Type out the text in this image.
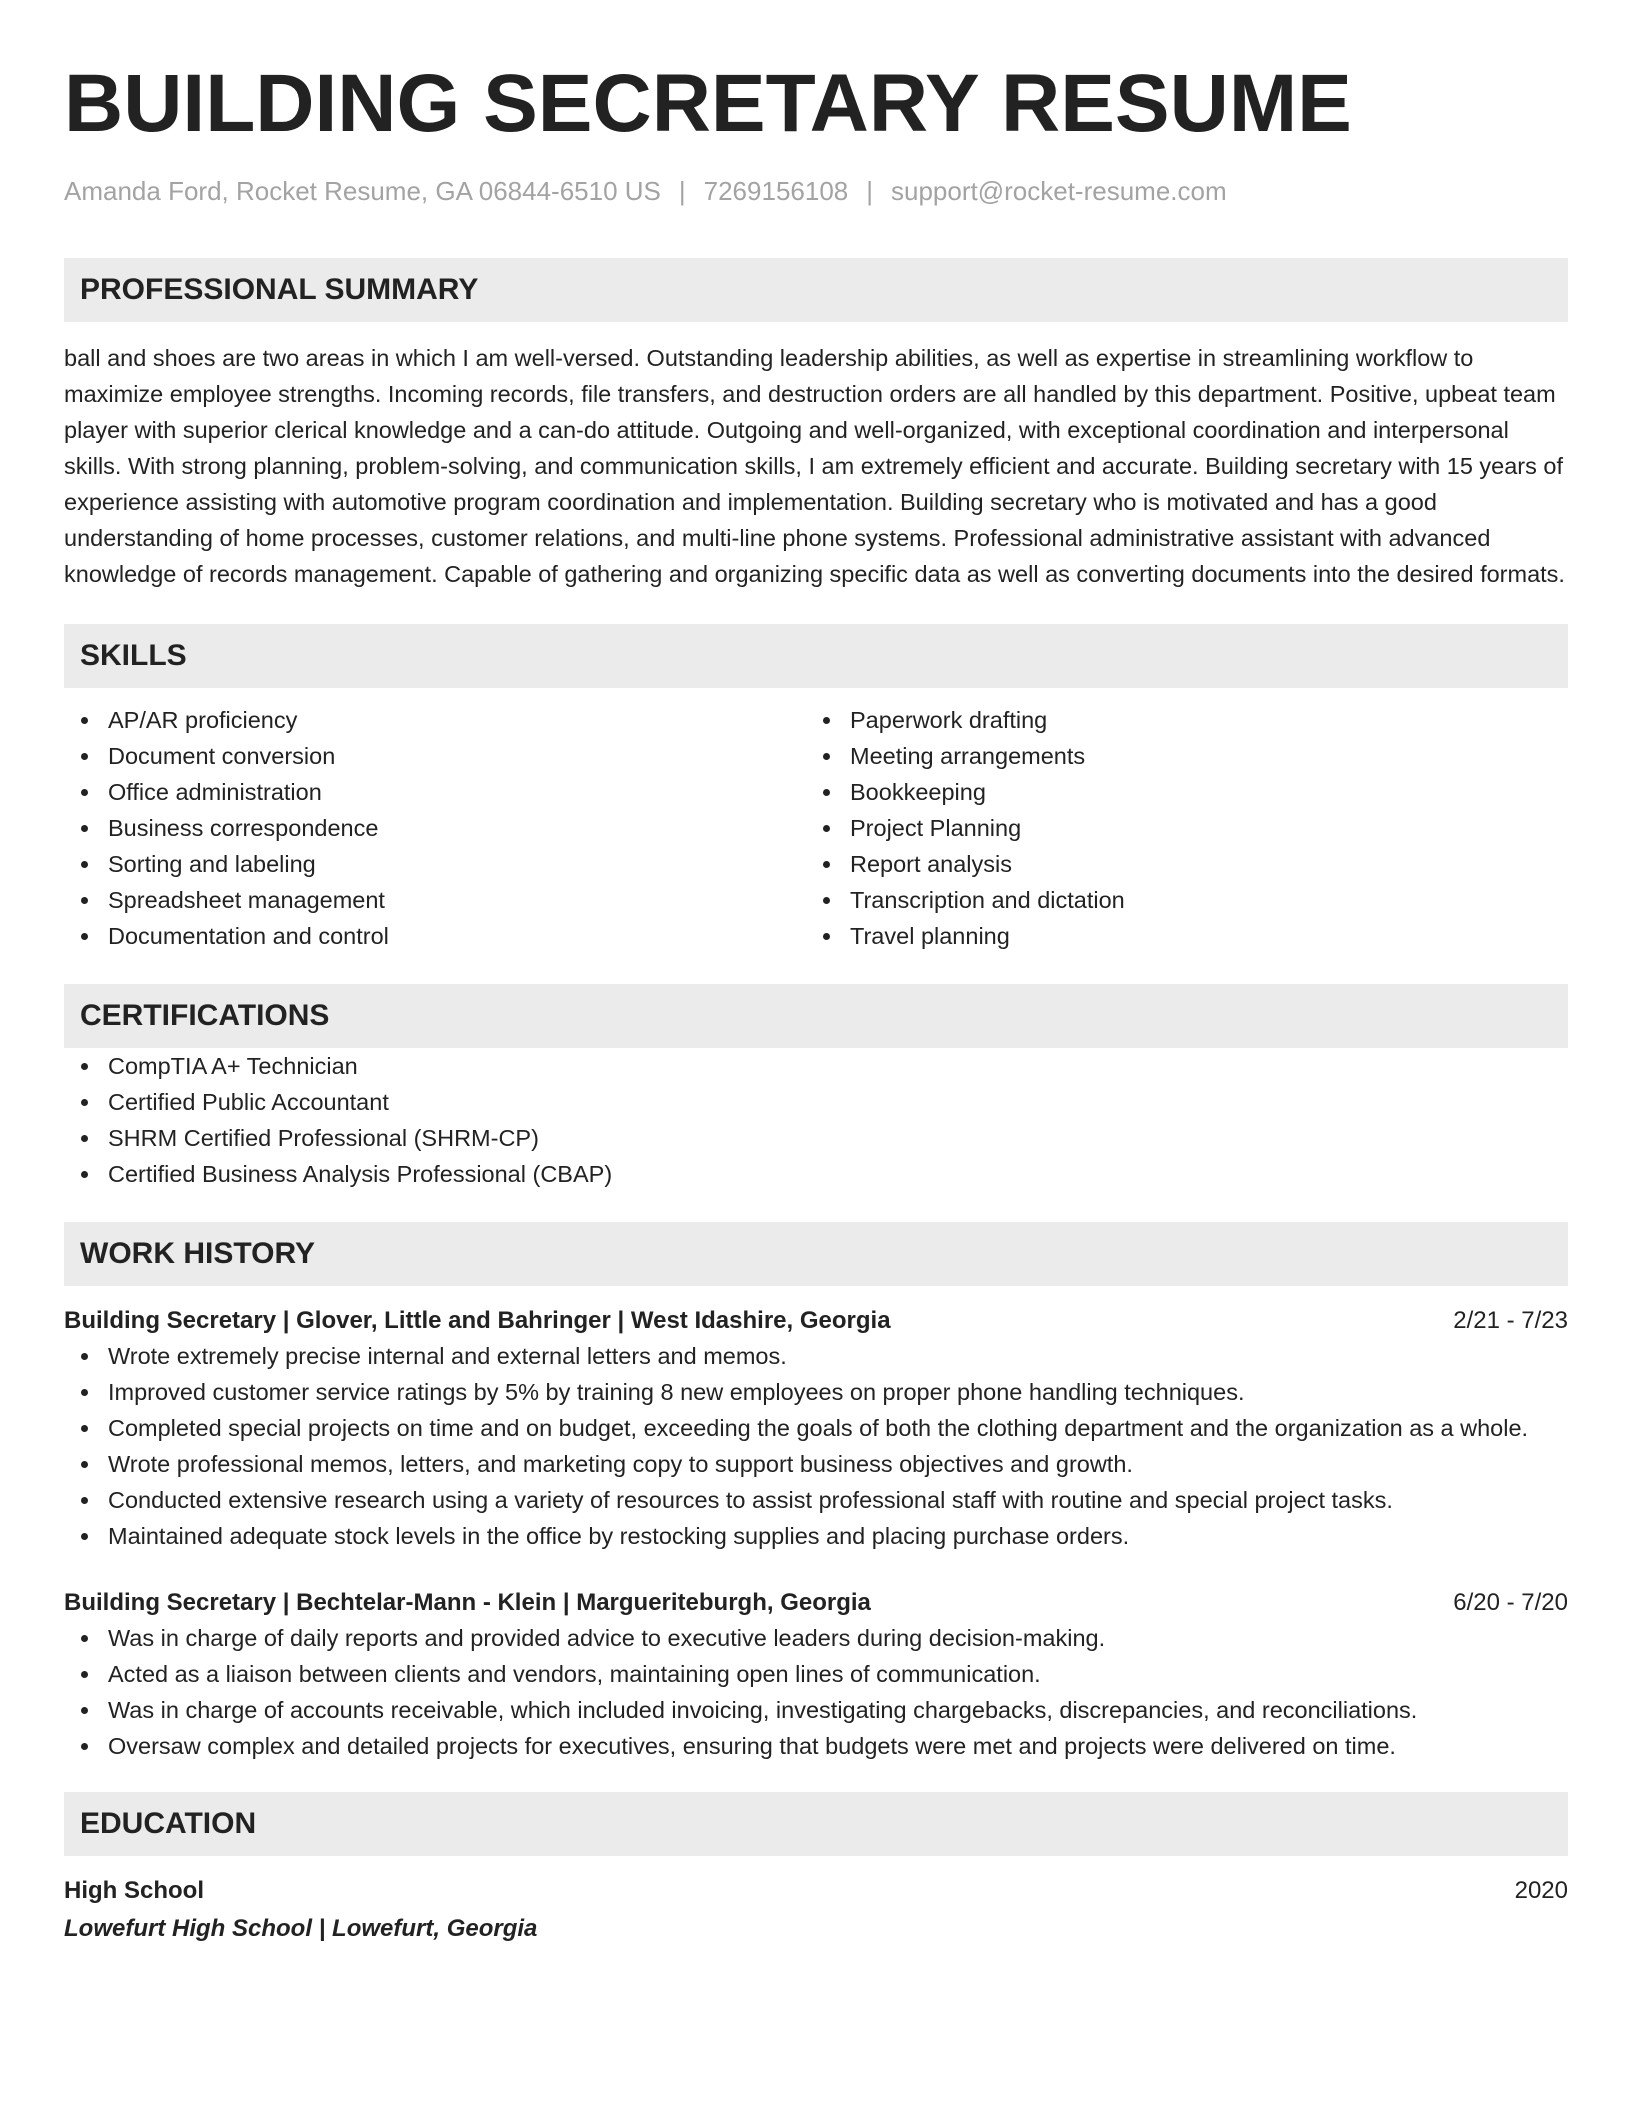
BUILDING SECRETARY RESUME
Amanda Ford, Rocket Resume, GA 06844-6510 US | 7269156108 | support@rocket-resume.com
PROFESSIONAL SUMMARY

ball and shoes are two areas in which I am well-versed. Outstanding leadership abilities, as well as expertise in streamlining workflow to maximize employee strengths. Incoming records, file transfers, and destruction orders are all handled by this department. Positive, upbeat team player with superior clerical knowledge and a can-do attitude. Outgoing and well-organized, with exceptional coordination and interpersonal skills. With strong planning, problem-solving, and communication skills, I am extremely efficient and accurate. Building secretary with 15 years of experience assisting with automotive program coordination and implementation. Building secretary who is motivated and has a good understanding of home processes, customer relations, and multi-line phone systems. Professional administrative assistant with advanced knowledge of records management. Capable of gathering and organizing specific data as well as converting documents into the desired formats.

SKILLS
AP/AR proficiency
Document conversion
Office administration
Business correspondence
Sorting and labeling
Spreadsheet management
Documentation and control
Paperwork drafting
Meeting arrangements
Bookkeeping
Project Planning
Report analysis
Transcription and dictation
Travel planning
CERTIFICATIONS
CompTIA A+ Technician
Certified Public Accountant
SHRM Certified Professional (SHRM-CP)
Certified Business Analysis Professional (CBAP)
WORK HISTORY
Building Secretary | Glover, Little and Bahringer | West Idashire, Georgia	2/21 - 7/23
Wrote extremely precise internal and external letters and memos.
Improved customer service ratings by 5% by training 8 new employees on proper phone handling techniques.
Completed special projects on time and on budget, exceeding the goals of both the clothing department and the organization as a whole.
Wrote professional memos, letters, and marketing copy to support business objectives and growth.
Conducted extensive research using a variety of resources to assist professional staff with routine and special project tasks.
Maintained adequate stock levels in the office by restocking supplies and placing purchase orders.
Building Secretary | Bechtelar-Mann - Klein | Margueriteburgh, Georgia	6/20 - 7/20
Was in charge of daily reports and provided advice to executive leaders during decision-making.
Acted as a liaison between clients and vendors, maintaining open lines of communication.
Was in charge of accounts receivable, which included invoicing, investigating chargebacks, discrepancies, and reconciliations.
Oversaw complex and detailed projects for executives, ensuring that budgets were met and projects were delivered on time.
EDUCATION
High School	2020
Lowefurt High School | Lowefurt, Georgia
